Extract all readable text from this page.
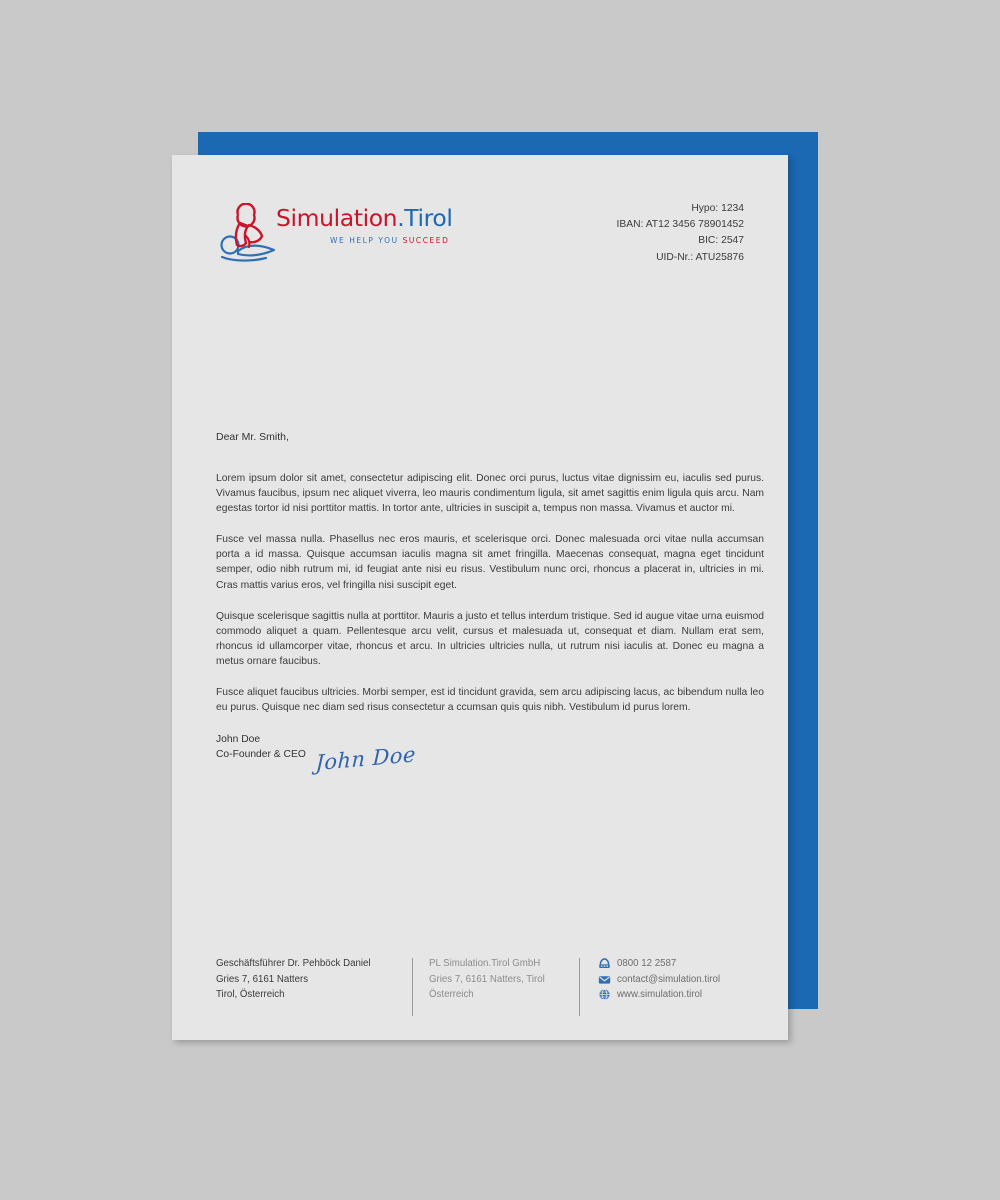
Simulation.Tirol
WE HELP YOU SUCCEED
Hypo: 1234
IBAN: AT12 3456 78901452
BIC: 2547
UID-Nr.: ATU25876
Dear Mr. Smith,

Lorem ipsum dolor sit amet, consectetur adipiscing elit. Donec orci purus, luctus vitae dignissim eu, iaculis sed purus. Vivamus faucibus, ipsum nec aliquet viverra, leo mauris condimentum ligula, sit amet sagittis enim ligula quis arcu. Nam egestas tortor id nisi porttitor mattis. In tortor ante, ultricies in suscipit a, tempus non massa. Vivamus et auctor mi.

Fusce vel massa nulla. Phasellus nec eros mauris, et scelerisque orci. Donec malesuada orci vitae nulla accumsan porta a id massa. Quisque accumsan iaculis magna sit amet fringilla. Maecenas consequat, magna eget tincidunt semper, odio nibh rutrum mi, id feugiat ante nisi eu risus. Vestibulum nunc orci, rhoncus a placerat in, ultricies in mi. Cras mattis varius eros, vel fringilla nisi suscipit eget.

Quisque scelerisque sagittis nulla at porttitor. Mauris a justo et tellus interdum tristique. Sed id augue vitae urna euismod commodo aliquet a quam. Pellentesque arcu velit, cursus et malesuada ut, consequat et diam. Nullam erat sem, rhoncus id ullamcorper vitae, rhoncus et arcu. In ultricies ultricies nulla, ut rutrum nisi iaculis at. Donec eu magna a metus ornare faucibus.

Fusce aliquet faucibus ultricies. Morbi semper, est id tincidunt gravida, sem arcu adipiscing lacus, ac bibendum nulla leo eu purus. Quisque nec diam sed risus consectetur a ccumsan quis quis nibh. Vestibulum id purus lorem.

John Doe
Co-Founder & CEO John Doe
Geschäftsführer Dr. Pehböck Daniel
Gries 7, 6161 Natters
Tirol, Österreich
PL Simulation.Tirol GmbH
Gries 7, 6161 Natters, Tirol
Österreich
0800 12 2587
contact@simulation.tirol
www.simulation.tirol
